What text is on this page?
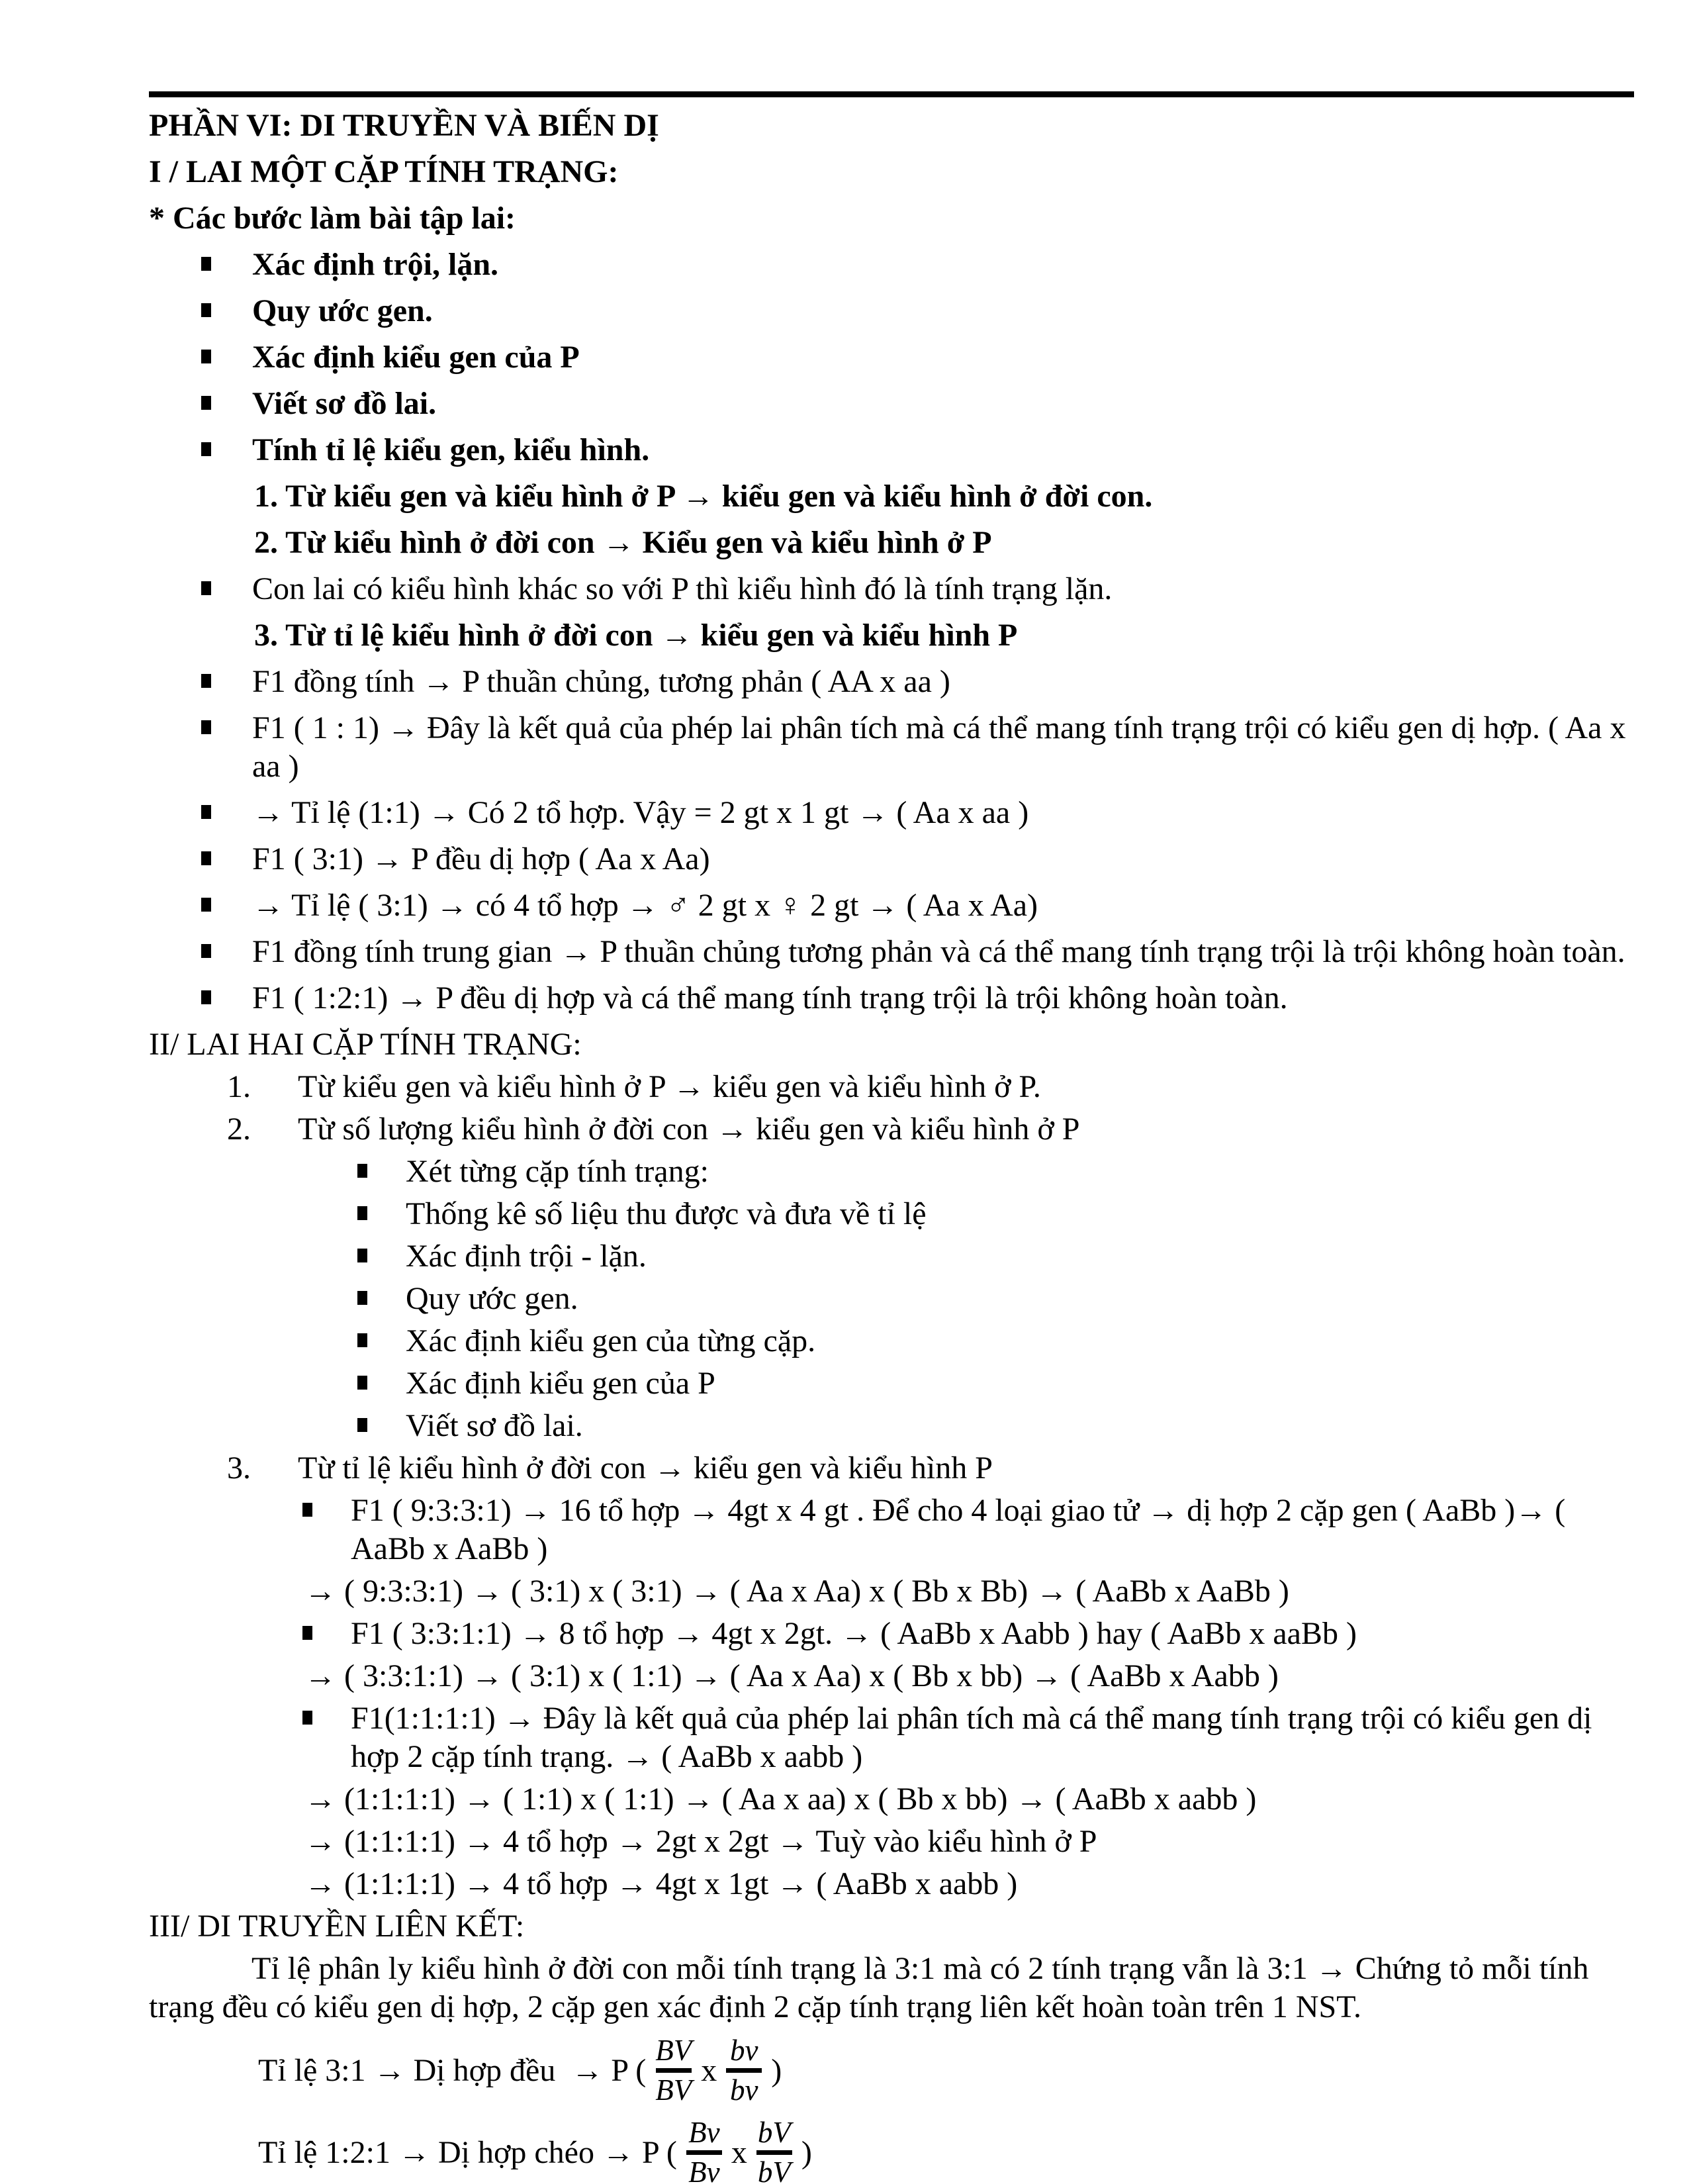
PHẦN VI: DI TRUYỀN VÀ BIẾN DỊ
I / LAI MỘT CẶP TÍNH TRẠNG:
* Các bước làm bài tập lai:
Xác định trội, lặn.
Quy ước gen.
Xác định kiểu gen của P
Viết sơ đồ lai.
Tính tỉ lệ kiểu gen, kiểu hình.
1. Từ kiểu gen và kiểu hình ở P → kiểu gen và kiểu hình ở đời con.
2. Từ kiểu hình ở đời con → Kiểu gen và kiểu hình ở P
Con lai có kiểu hình khác so với P thì kiểu hình đó là tính trạng lặn.
3. Từ tỉ lệ kiểu hình ở đời con → kiểu gen và kiểu hình P
F1 đồng tính → P thuần chủng, tương phản ( AA x aa )
F1 ( 1 : 1) → Đây là kết quả của phép lai phân tích mà cá thể mang tính trạng trội có kiểu gen dị hợp. ( Aa x aa )
→ Tỉ lệ (1:1) → Có 2 tổ hợp. Vậy = 2 gt x 1 gt → ( Aa x aa )
F1 ( 3:1) → P đều dị hợp ( Aa x Aa)
→ Tỉ lệ ( 3:1) → có 4 tổ hợp → ♂ 2 gt x ♀ 2 gt → ( Aa x Aa)
F1 đồng tính trung gian → P thuần chủng tương phản và cá thể mang tính trạng trội là trội không hoàn toàn.
F1 ( 1:2:1) → P đều dị hợp và cá thể mang tính trạng trội là trội không hoàn toàn.
II/ LAI HAI CẶP TÍNH TRẠNG:
1. Từ kiểu gen và kiểu hình ở P → kiểu gen và kiểu hình ở P.
2. Từ số lượng kiểu hình ở đời con → kiểu gen và kiểu hình ở P
Xét từng cặp tính trạng:
Thống kê số liệu thu được và đưa về tỉ lệ
Xác định trội - lặn.
Quy ước gen.
Xác định kiểu gen của từng cặp.
Xác định kiểu gen của P
Viết sơ đồ lai.
3. Từ tỉ lệ kiểu hình ở đời con → kiểu gen và kiểu hình P
F1 ( 9:3:3:1) → 16 tổ hợp → 4gt x 4 gt . Để cho 4 loại giao tử → dị hợp 2 cặp gen ( AaBb )→ ( AaBb x AaBb )
→ ( 9:3:3:1) → ( 3:1) x ( 3:1) → ( Aa x Aa) x ( Bb x Bb) → ( AaBb x AaBb )
F1 ( 3:3:1:1) → 8 tổ hợp → 4gt x 2gt. → ( AaBb x Aabb ) hay ( AaBb x aaBb )
→ ( 3:3:1:1) → ( 3:1) x ( 1:1) → ( Aa x Aa) x ( Bb x bb) → ( AaBb x Aabb )
F1(1:1:1:1) → Đây là kết quả của phép lai phân tích mà cá thể mang tính trạng trội có kiểu gen dị hợp 2 cặp tính trạng. → ( AaBb x aabb )
→ (1:1:1:1) → ( 1:1) x ( 1:1) → ( Aa x aa) x ( Bb x bb) → ( AaBb x aabb )
→ (1:1:1:1) → 4 tổ hợp → 2gt x 2gt → Tuỳ vào kiểu hình ở P
→ (1:1:1:1) → 4 tổ hợp → 4gt x 1gt → ( AaBb x aabb )
III/ DI TRUYỀN LIÊN KẾT:
Tỉ lệ phân ly kiểu hình ở đời con mỗi tính trạng là 3:1 mà có 2 tính trạng vẫn là 3:1 → Chứng tỏ mỗi tính trạng đều có kiểu gen dị hợp, 2 cặp gen xác định 2 cặp tính trạng liên kết hoàn toàn trên 1 NST.
Tỉ lệ 3:1 → Dị hợp đều  → P (
BV
BV
x
bv
bv
)
Tỉ lệ 1:2:1 → Dị hợp chéo → P (
Bv
Bv
x
bV
bV
)
